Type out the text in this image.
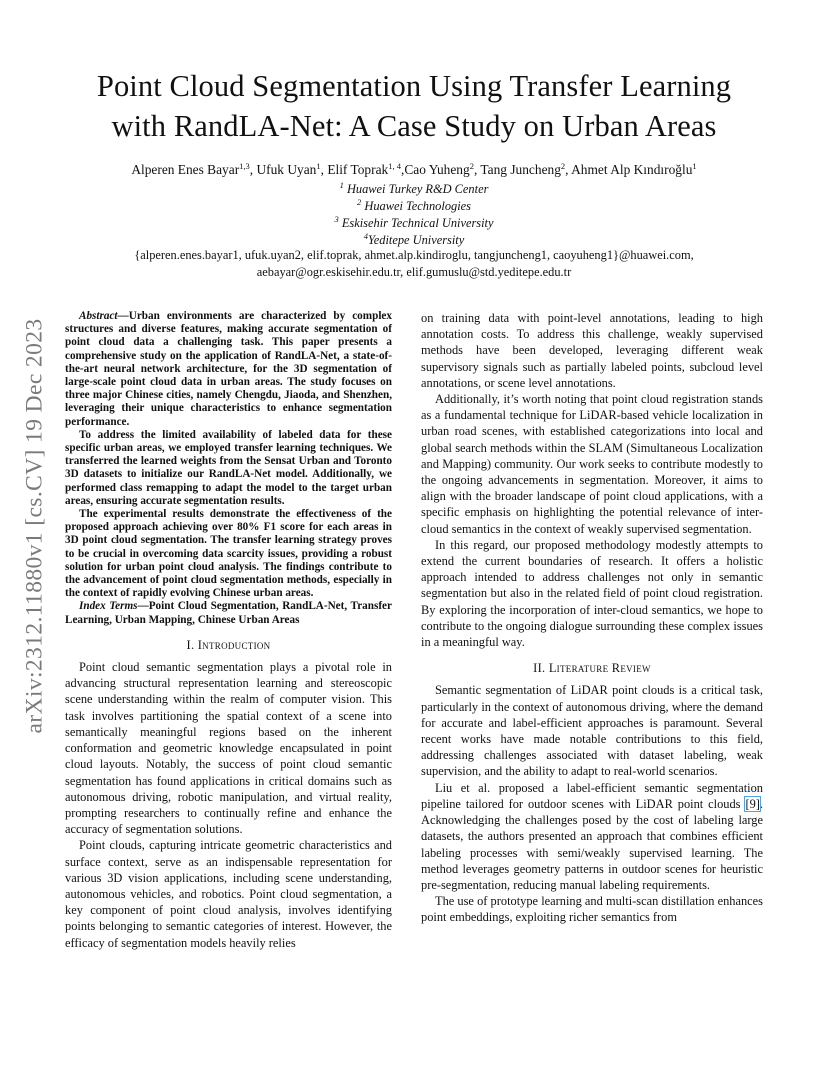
Point Cloud Segmentation Using Transfer Learning
with RandLA-Net: A Case Study on Urban Areas
Alperen Enes Bayar$^{1,3}$, Ufuk Uyan$^1$, Elif Toprak$^{1, 4}$,Cao Yuheng$^2$, Tang Juncheng$^2$, Ahmet Alp Kındıroğlu$^1$
$^1$ Huawei Turkey R&D Center
$^2$ Huawei Technologies
$^3$ Eskisehir Technical University
$^4$Yeditepe University
{alperen.enes.bayar1, ufuk.uyan2, elif.toprak, ahmet.alp.kindiroglu, tangjuncheng1, caoyuheng1}@huawei.com,
aebayar@ogr.eskisehir.edu.tr, elif.gumuslu@std.yeditepe.edu.tr
arXiv:2312.11880v1 [cs.CV] 19 Dec 2023

Abstract—Urban environments are characterized by complex structures and diverse features, making accurate segmentation of point cloud data a challenging task. This paper presents a comprehensive study on the application of RandLA-Net, a state-of-the-art neural network architecture, for the 3D segmentation of large-scale point cloud data in urban areas. The study focuses on three major Chinese cities, namely Chengdu, Jiaoda, and Shenzhen, leveraging their unique characteristics to enhance segmentation performance.

To address the limited availability of labeled data for these specific urban areas, we employed transfer learning techniques. We transferred the learned weights from the Sensat Urban and Toronto 3D datasets to initialize our RandLA-Net model. Additionally, we performed class remapping to adapt the model to the target urban areas, ensuring accurate segmentation results.

The experimental results demonstrate the effectiveness of the proposed approach achieving over 80% F1 score for each areas in 3D point cloud segmentation. The transfer learning strategy proves to be crucial in overcoming data scarcity issues, providing a robust solution for urban point cloud analysis. The findings contribute to the advancement of point cloud segmentation methods, especially in the context of rapidly evolving Chinese urban areas.

Index Terms—Point Cloud Segmentation, RandLA-Net, Transfer Learning, Urban Mapping, Chinese Urban Areas

I. Introduction

Point cloud semantic segmentation plays a pivotal role in advancing structural representation learning and stereoscopic scene understanding within the realm of computer vision. This task involves partitioning the spatial context of a scene into semantically meaningful regions based on the inherent conformation and geometric knowledge encapsulated in point cloud layouts. Notably, the success of point cloud semantic segmentation has found applications in critical domains such as autonomous driving, robotic manipulation, and virtual reality, prompting researchers to continually refine and enhance the accuracy of segmentation solutions.

Point clouds, capturing intricate geometric characteristics and surface context, serve as an indispensable representation for various 3D vision applications, including scene understanding, autonomous vehicles, and robotics. Point cloud segmentation, a key component of point cloud analysis, involves identifying points belonging to semantic categories of interest. However, the efficacy of segmentation models heavily relies

on training data with point-level annotations, leading to high annotation costs. To address this challenge, weakly supervised methods have been developed, leveraging different weak supervisory signals such as partially labeled points, subcloud level annotations, or scene level annotations.

Additionally, it’s worth noting that point cloud registration stands as a fundamental technique for LiDAR-based vehicle localization in urban road scenes, with established categorizations into local and global search methods within the SLAM (Simultaneous Localization and Mapping) community. Our work seeks to contribute modestly to the ongoing advancements in segmentation. Moreover, it aims to align with the broader landscape of point cloud applications, with a specific emphasis on highlighting the potential relevance of inter-cloud semantics in the context of weakly supervised segmentation.

In this regard, our proposed methodology modestly attempts to extend the current boundaries of research. It offers a holistic approach intended to address challenges not only in semantic segmentation but also in the related field of point cloud registration. By exploring the incorporation of inter-cloud semantics, we hope to contribute to the ongoing dialogue surrounding these complex issues in a meaningful way.

II. Literature Review

Semantic segmentation of LiDAR point clouds is a critical task, particularly in the context of autonomous driving, where the demand for accurate and label-efficient approaches is paramount. Several recent works have made notable contributions to this field, addressing challenges associated with dataset labeling, weak supervision, and the ability to adapt to real-world scenarios.

Liu et al. proposed a label-efficient semantic segmentation pipeline tailored for outdoor scenes with LiDAR point clouds [9]. Acknowledging the challenges posed by the cost of labeling large datasets, the authors presented an approach that combines efficient labeling processes with semi/weakly supervised learning. The method leverages geometry patterns in outdoor scenes for heuristic pre-segmentation, reducing manual labeling requirements.

The use of prototype learning and multi-scan distillation enhances point embeddings, exploiting richer semantics from
